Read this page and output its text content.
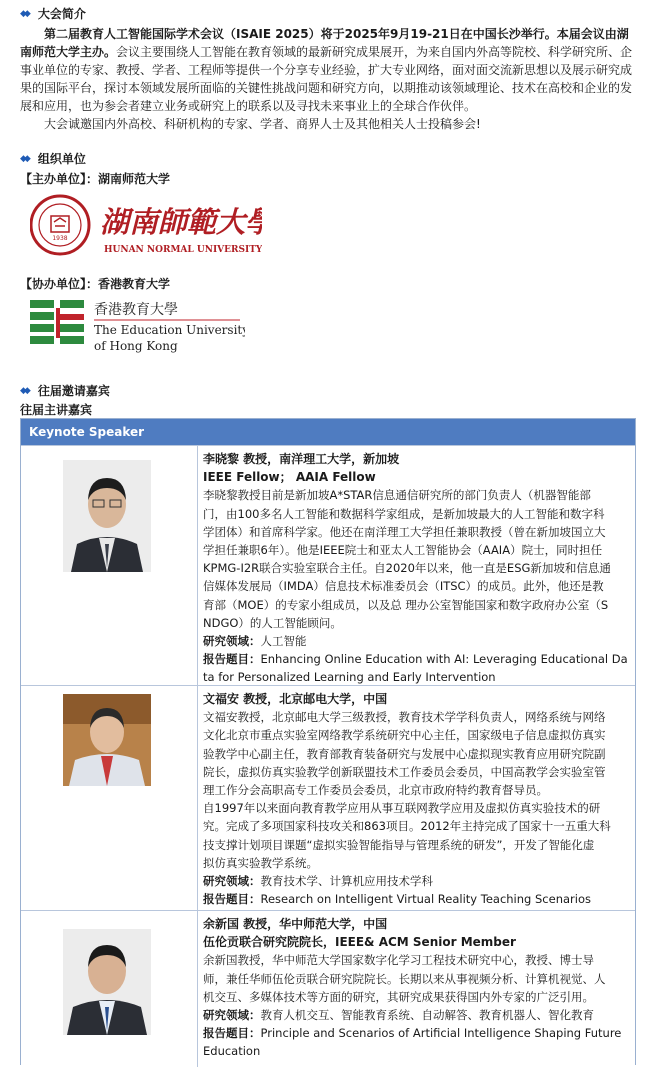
◆◆ 大会简介
第二届教育人工智能国际学术会议（ISAIE 2025）将于2025年9月19-21日在中国长沙举行。本届会议由湖南师范大学主办。会议主要围绕人工智能在教育领域的最新研究成果展开，为来自国内外高等院校、科学研究所、企事业单位的专家、教授、学者、工程师等提供一个分享专业经验，扩大专业网络，面对面交流新思想以及展示研究成果的国际平台，探讨本领域发展所面临的关键性挑战问题和研究方向，以期推动该领域理论、技术在高校和企业的发展和应用，也为参会者建立业务或研究上的联系以及寻找未来事业上的全球合作伙伴。
大会诚邀国内外高校、科研机构的专家、学者、商界人士及其他相关人士投稿参会!
◆◆ 组织单位
【主办单位】：湖南师范大学
1938 湖南師範大學
HUNAN NORMAL UNIVERSITY
【协办单位】：香港教育大学
香港教育大學
The Education University
of Hong Kong
◆◆ 往届邀请嘉宾
往届主讲嘉宾
Keynote Speaker
李晓黎 教授，南洋理工大学，新加坡
IEEE Fellow； AAIA Fellow
李晓黎教授目前是新加坡A*STAR信息通信研究所的部门负责人（机器智能部
门，由100多名人工智能和数据科学家组成，是新加坡最大的人工智能和数字科
学团体）和首席科学家。他还在南洋理工大学担任兼职教授（曾在新加坡国立大
学担任兼职6年）。他是IEEE院士和亚太人工智能协会（AAIA）院士，同时担任
KPMG-I2R联合实验室联合主任。自2020年以来，他一直是ESG新加坡和信息通
信媒体发展局（IMDA）信息技术标准委员会（ITSC）的成员。此外，他还是教
育部（MOE）的专家小组成员，以及总 理办公室智能国家和数字政府办公室（S
NDGO）的人工智能顾问。
研究领域：人工智能
报告题目：Enhancing Online Education with AI: Leveraging Educational Da
ta for Personalized Learning and Early Intervention
文福安 教授，北京邮电大学，中国
文福安教授，北京邮电大学三级教授，教育技术学学科负责人，网络系统与网络
文化北京市重点实验室网络教学系统研究中心主任，国家级电子信息虚拟仿真实
验教学中心副主任，教育部教育装备研究与发展中心虚拟现实教育应用研究院副
院长，虚拟仿真实验教学创新联盟技术工作委员会委员，中国高教学会实验室管
理工作分会高职高专工作委员会委员，北京市政府特约教育督导员。
自1997年以来面向教育教学应用从事互联网教学应用及虚拟仿真实验技术的研
究。完成了多项国家科技攻关和863项目。2012年主持完成了国家十一五重大科
技支撑计划项目课题“虚拟实验智能指导与管理系统的研发”，开发了智能化虚
拟仿真实验教学系统。
研究领域：教育技术学、计算机应用技术学科
报告题目：Research on Intelligent Virtual Reality Teaching Scenarios
余新国 教授，华中师范大学，中国
伍伦贡联合研究院院长，IEEE& ACM Senior Member
余新国教授，华中师范大学国家数字化学习工程技术研究中心，教授、博士导
师，兼任华师伍伦贡联合研究院院长。长期以来从事视频分析、计算机视觉、人
机交互、多媒体技术等方面的研究，其研究成果获得国内外专家的广泛引用。
研究领域：教育人机交互、智能教育系统、自动解答、教育机器人、智化教育
报告题目：Principle and Scenarios of Artificial Intelligence Shaping Future
Education
